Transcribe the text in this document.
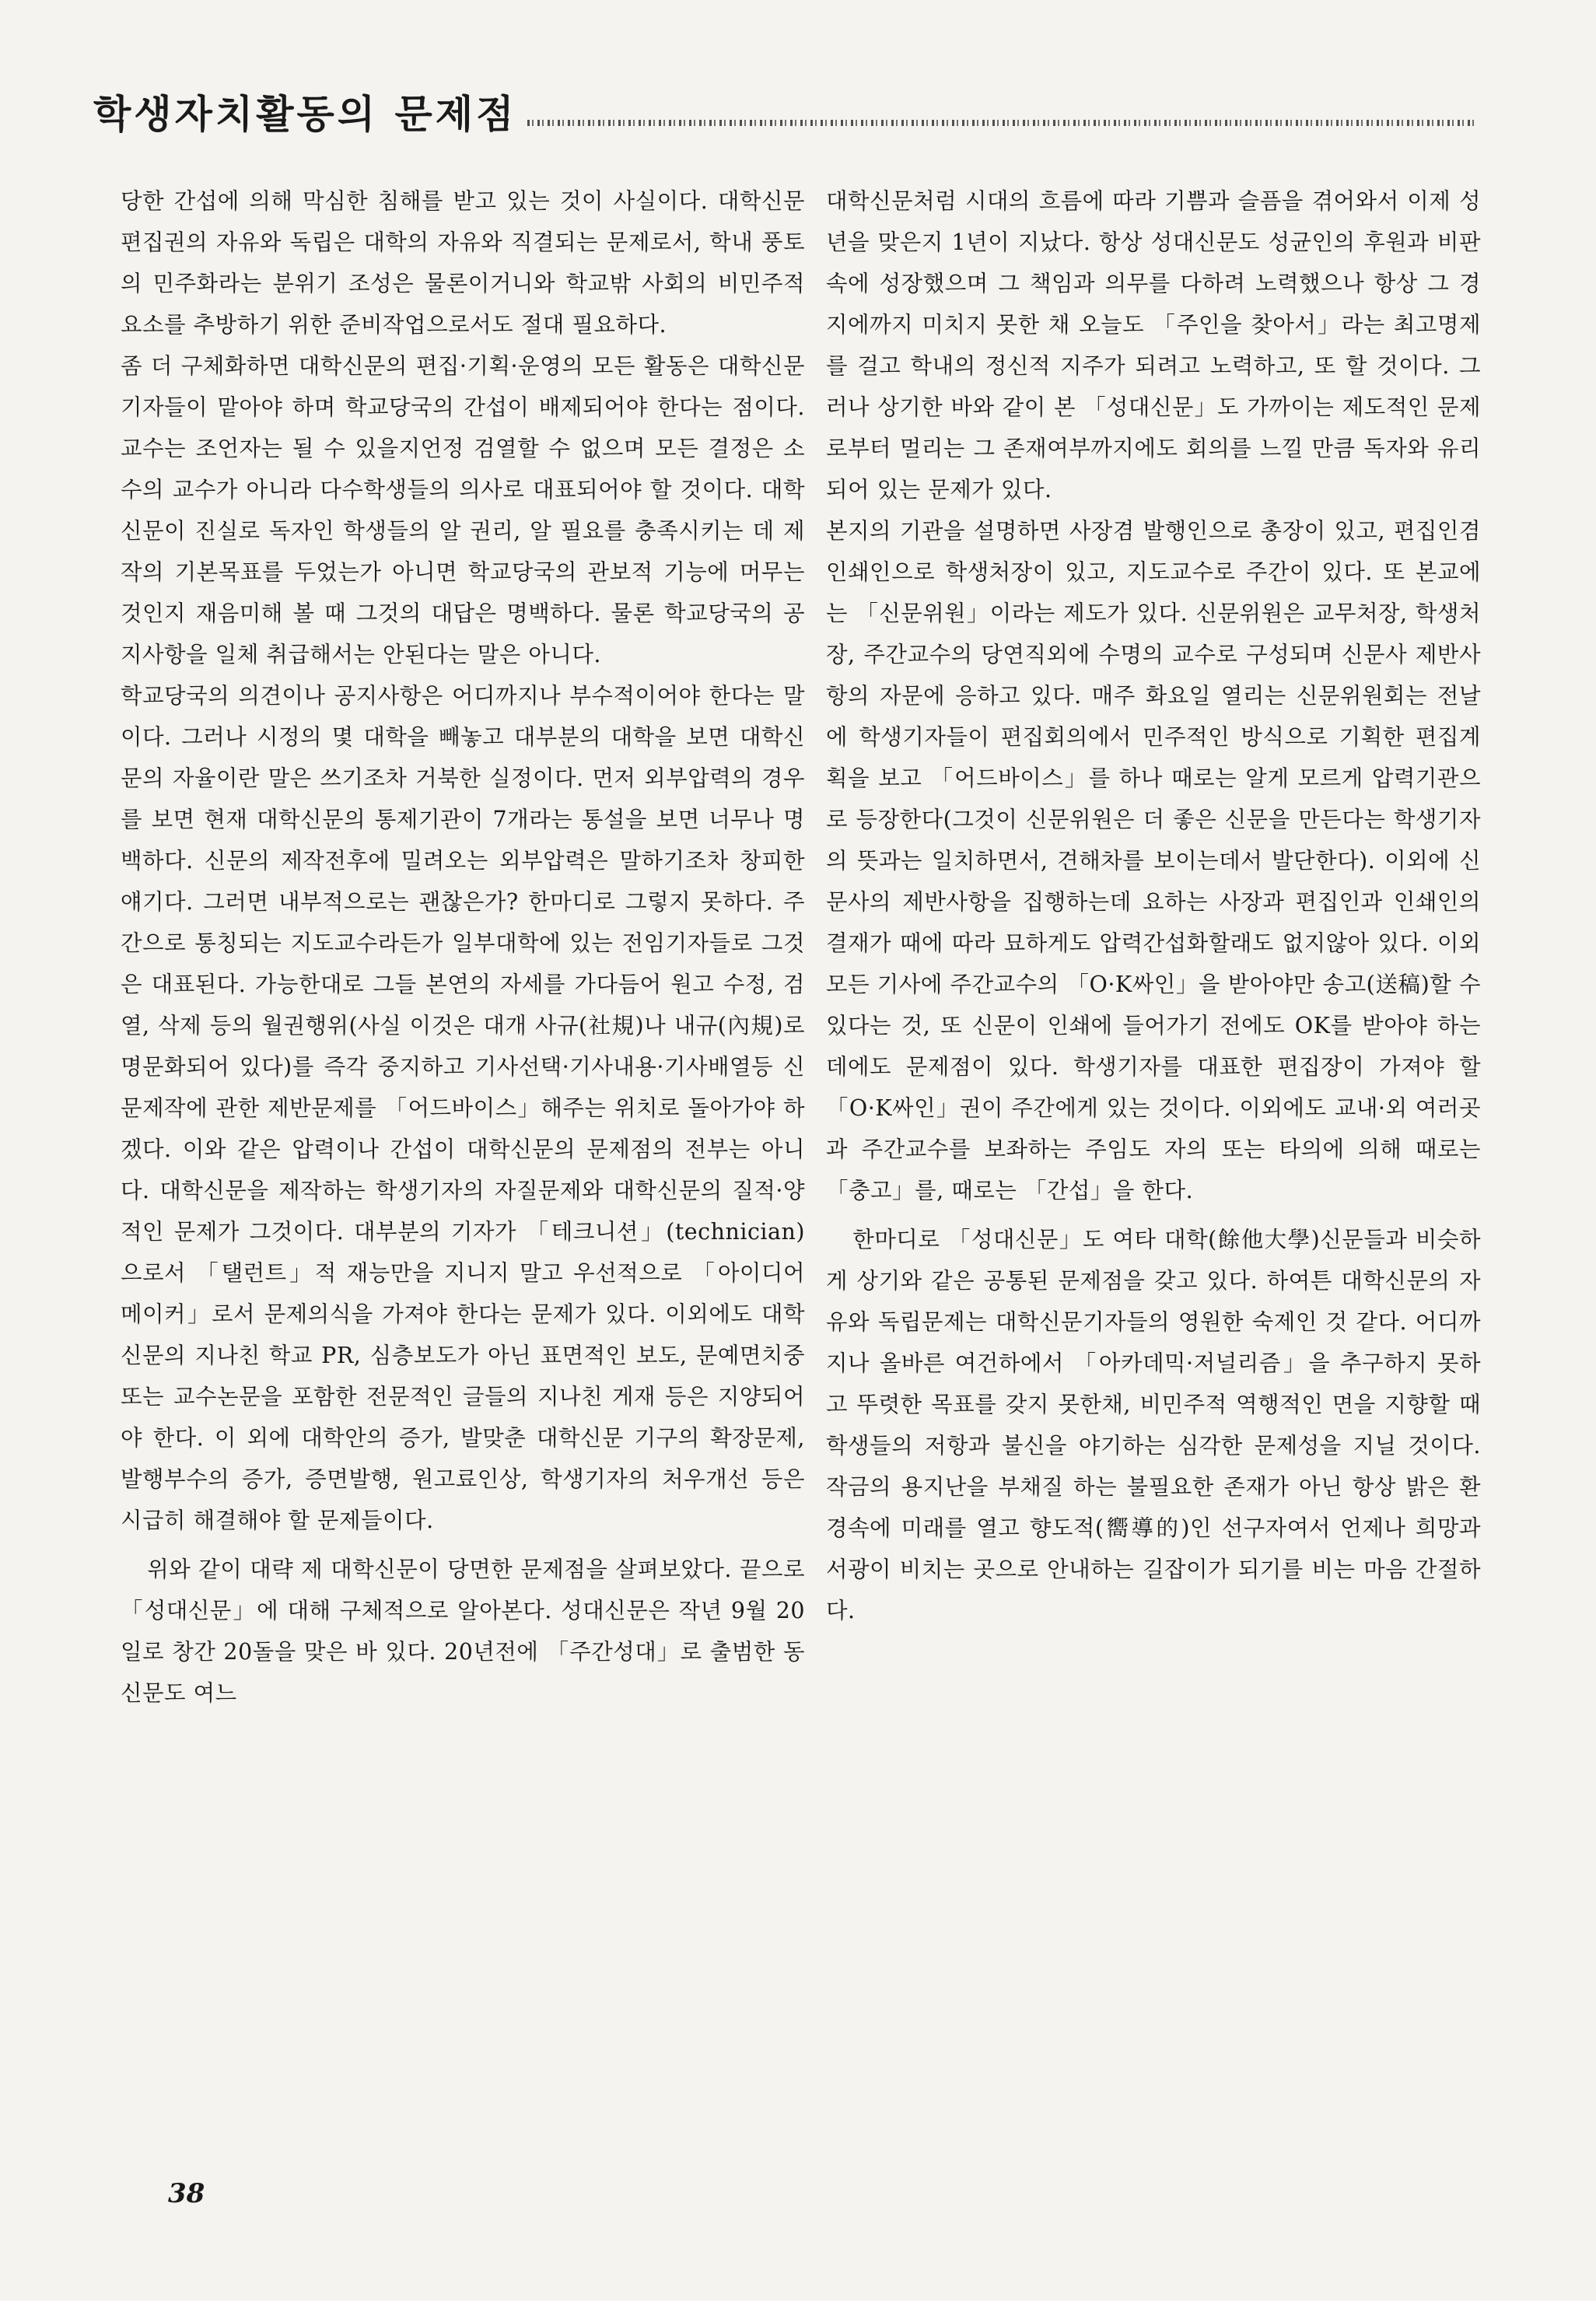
학생자치활동의 문제점

당한 간섭에 의해 막심한 침해를 받고 있는 것이 사실이다. 대학신문 편집권의 자유와 독립은 대학의 자유와 직결되는 문제로서, 학내 풍토의 민주화라는 분위기 조성은 물론이거니와 학교밖 사회의 비민주적 요소를 추방하기 위한 준비작업으로서도 절대 필요하다.

좀 더 구체화하면 대학신문의 편집·기획·운영의 모든 활동은 대학신문 기자들이 맡아야 하며 학교당국의 간섭이 배제되어야 한다는 점이다. 교수는 조언자는 될 수 있을지언정 검열할 수 없으며 모든 결정은 소수의 교수가 아니라 다수학생들의 의사로 대표되어야 할 것이다. 대학신문이 진실로 독자인 학생들의 알 권리, 알 필요를 충족시키는 데 제작의 기본목표를 두었는가 아니면 학교당국의 관보적 기능에 머무는 것인지 재음미해 볼 때 그것의 대답은 명백하다. 물론 학교당국의 공지사항을 일체 취급해서는 안된다는 말은 아니다.

학교당국의 의견이나 공지사항은 어디까지나 부수적이어야 한다는 말이다. 그러나 시정의 몇 대학을 빼놓고 대부분의 대학을 보면 대학신문의 자율이란 말은 쓰기조차 거북한 실정이다. 먼저 외부압력의 경우를 보면 현재 대학신문의 통제기관이 7개라는 통설을 보면 너무나 명백하다. 신문의 제작전후에 밀려오는 외부압력은 말하기조차 창피한 얘기다. 그러면 내부적으로는 괜찮은가? 한마디로 그렇지 못하다. 주간으로 통칭되는 지도교수라든가 일부대학에 있는 전임기자들로 그것은 대표된다. 가능한대로 그들 본연의 자세를 가다듬어 원고 수정, 검열, 삭제 등의 월권행위(사실 이것은 대개 사규(社規)나 내규(內規)로 명문화되어 있다)를 즉각 중지하고 기사선택·기사내용·기사배열등 신문제작에 관한 제반문제를 「어드바이스」해주는 위치로 돌아가야 하겠다. 이와 같은 압력이나 간섭이 대학신문의 문제점의 전부는 아니다. 대학신문을 제작하는 학생기자의 자질문제와 대학신문의 질적·양적인 문제가 그것이다. 대부분의 기자가 「테크니션」(technician)으로서 「탤런트」적 재능만을 지니지 말고 우선적으로 「아이디어 메이커」로서 문제의식을 가져야 한다는 문제가 있다. 이외에도 대학신문의 지나친 학교 PR, 심층보도가 아닌 표면적인 보도, 문예면치중 또는 교수논문을 포함한 전문적인 글들의 지나친 게재 등은 지양되어야 한다. 이 외에 대학안의 증가, 발맞춘 대학신문 기구의 확장문제, 발행부수의 증가, 증면발행, 원고료인상, 학생기자의 처우개선 등은 시급히 해결해야 할 문제들이다.

위와 같이 대략 제 대학신문이 당면한 문제점을 살펴보았다. 끝으로 「성대신문」에 대해 구체적으로 알아본다. 성대신문은 작년 9월 20일로 창간 20돌을 맞은 바 있다. 20년전에 「주간성대」로 출범한 동신문도 여느

대학신문처럼 시대의 흐름에 따라 기쁨과 슬픔을 겪어와서 이제 성년을 맞은지 1년이 지났다. 항상 성대신문도 성균인의 후원과 비판 속에 성장했으며 그 책임과 의무를 다하려 노력했으나 항상 그 경지에까지 미치지 못한 채 오늘도 「주인을 찾아서」라는 최고명제를 걸고 학내의 정신적 지주가 되려고 노력하고, 또 할 것이다. 그러나 상기한 바와 같이 본 「성대신문」도 가까이는 제도적인 문제로부터 멀리는 그 존재여부까지에도 회의를 느낄 만큼 독자와 유리되어 있는 문제가 있다.

본지의 기관을 설명하면 사장겸 발행인으로 총장이 있고, 편집인겸 인쇄인으로 학생처장이 있고, 지도교수로 주간이 있다. 또 본교에는 「신문위원」이라는 제도가 있다. 신문위원은 교무처장, 학생처장, 주간교수의 당연직외에 수명의 교수로 구성되며 신문사 제반사항의 자문에 응하고 있다. 매주 화요일 열리는 신문위원회는 전날에 학생기자들이 편집회의에서 민주적인 방식으로 기획한 편집계획을 보고 「어드바이스」를 하나 때로는 알게 모르게 압력기관으로 등장한다(그것이 신문위원은 더 좋은 신문을 만든다는 학생기자의 뜻과는 일치하면서, 견해차를 보이는데서 발단한다). 이외에 신문사의 제반사항을 집행하는데 요하는 사장과 편집인과 인쇄인의 결재가 때에 따라 묘하게도 압력간섭화할래도 없지않아 있다. 이외 모든 기사에 주간교수의 「O·K싸인」을 받아야만 송고(送稿)할 수 있다는 것, 또 신문이 인쇄에 들어가기 전에도 OK를 받아야 하는 데에도 문제점이 있다. 학생기자를 대표한 편집장이 가져야 할 「O·K싸인」권이 주간에게 있는 것이다. 이외에도 교내·외 여러곳과 주간교수를 보좌하는 주임도 자의 또는 타의에 의해 때로는 「충고」를, 때로는 「간섭」을 한다.

한마디로 「성대신문」도 여타 대학(餘他大學)신문들과 비슷하게 상기와 같은 공통된 문제점을 갖고 있다. 하여튼 대학신문의 자유와 독립문제는 대학신문기자들의 영원한 숙제인 것 같다. 어디까지나 올바른 여건하에서 「아카데믹·저널리즘」을 추구하지 못하고 뚜렷한 목표를 갖지 못한채, 비민주적 역행적인 면을 지향할 때 학생들의 저항과 불신을 야기하는 심각한 문제성을 지닐 것이다. 작금의 용지난을 부채질 하는 불필요한 존재가 아닌 항상 밝은 환경속에 미래를 열고 향도적(嚮導的)인 선구자여서 언제나 희망과 서광이 비치는 곳으로 안내하는 길잡이가 되기를 비는 마음 간절하다.

38
